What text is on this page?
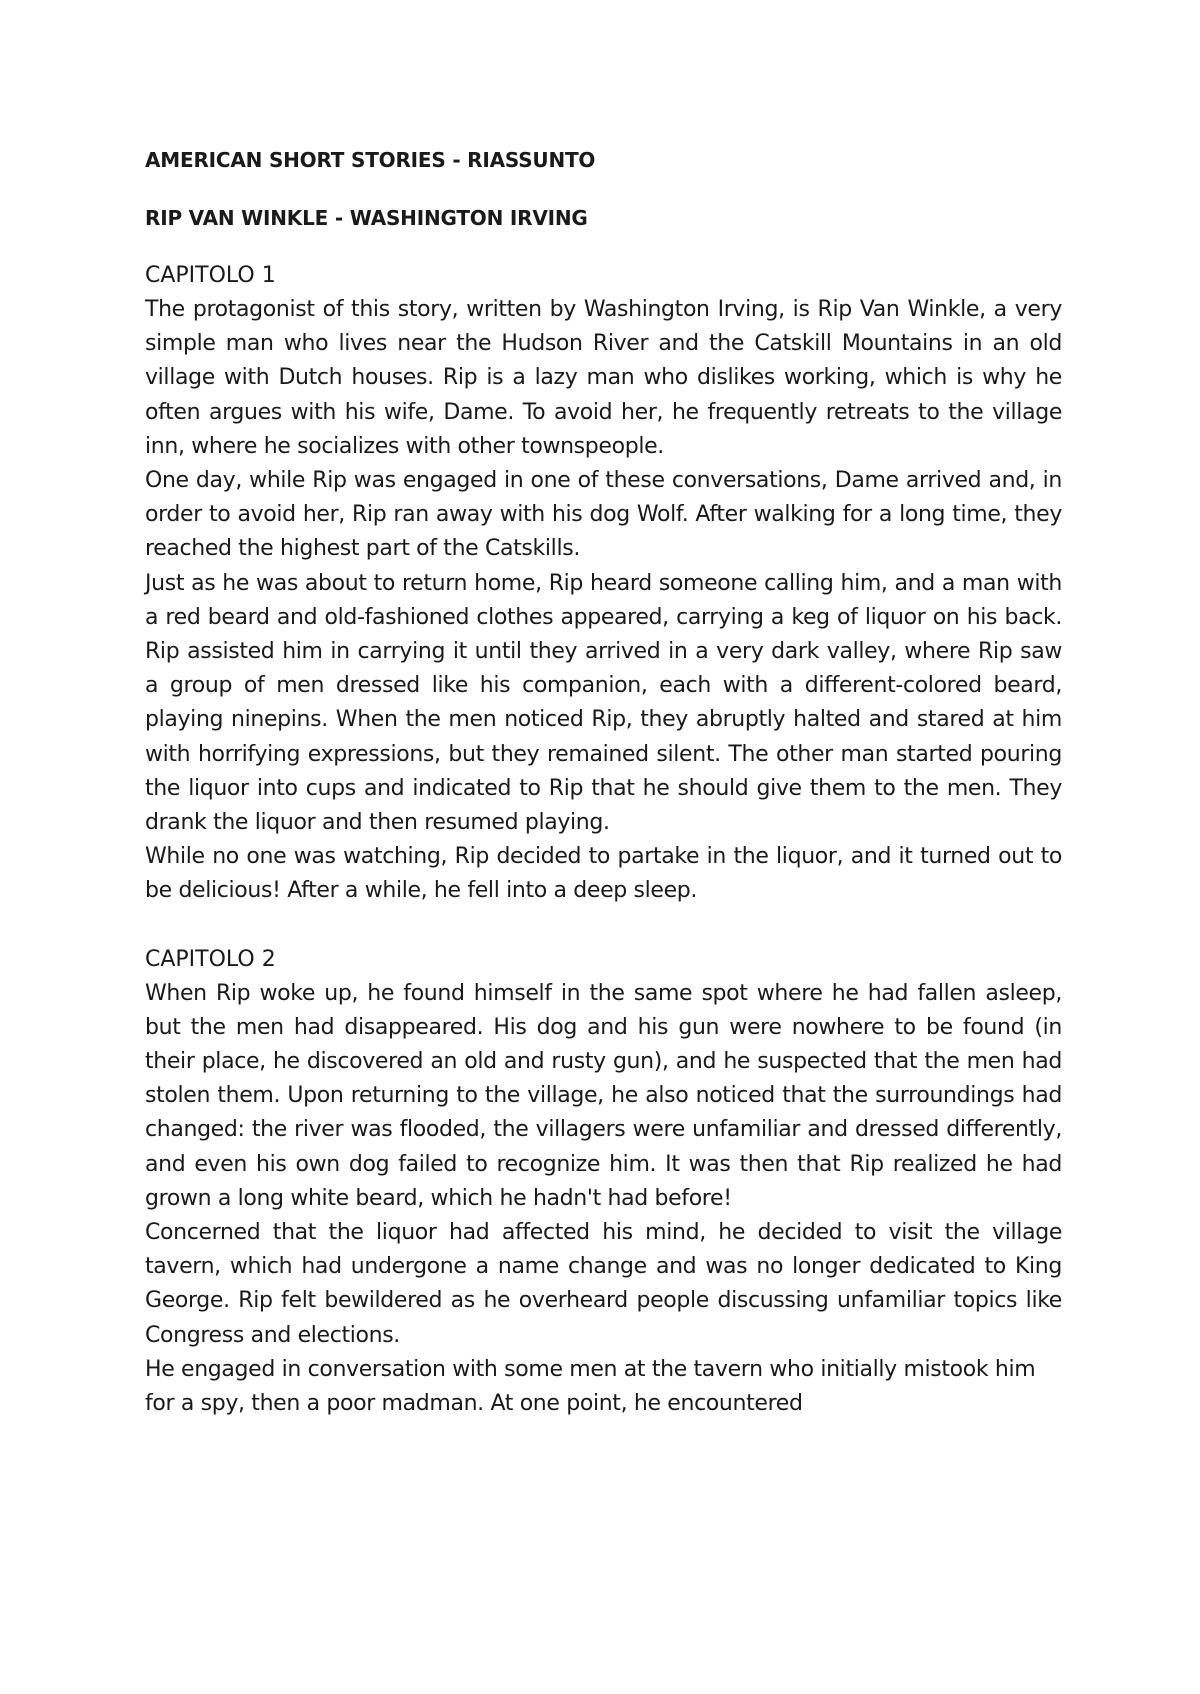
AMERICAN SHORT STORIES - RIASSUNTO

RIP VAN WINKLE - WASHINGTON IRVING

CAPITOLO 1

The protagonist of this story, written by Washington Irving, is Rip Van Winkle, a very simple man who lives near the Hudson River and the Catskill Mountains in an old village with Dutch houses. Rip is a lazy man who dislikes working, which is why he often argues with his wife, Dame. To avoid her, he frequently retreats to the village inn, where he socializes with other townspeople.

One day, while Rip was engaged in one of these conversations, Dame arrived and, in order to avoid her, Rip ran away with his dog Wolf. After walking for a long time, they reached the highest part of the Catskills.

Just as he was about to return home, Rip heard someone calling him, and a man with a red beard and old-fashioned clothes appeared, carrying a keg of liquor on his back. Rip assisted him in carrying it until they arrived in a very dark valley, where Rip saw a group of men dressed like his companion, each with a different-colored beard, playing ninepins. When the men noticed Rip, they abruptly halted and stared at him with horrifying expressions, but they remained silent. The other man started pouring the liquor into cups and indicated to Rip that he should give them to the men. They drank the liquor and then resumed playing.

While no one was watching, Rip decided to partake in the liquor, and it turned out to be delicious! After a while, he fell into a deep sleep.

CAPITOLO 2

When Rip woke up, he found himself in the same spot where he had fallen asleep, but the men had disappeared. His dog and his gun were nowhere to be found (in their place, he discovered an old and rusty gun), and he suspected that the men had stolen them. Upon returning to the village, he also noticed that the surroundings had changed: the river was flooded, the villagers were unfamiliar and dressed differently, and even his own dog failed to recognize him. It was then that Rip realized he had grown a long white beard, which he hadn't had before!

Concerned that the liquor had affected his mind, he decided to visit the village tavern, which had undergone a name change and was no longer dedicated to King George. Rip felt bewildered as he overheard people discussing unfamiliar topics like Congress and elections.

He engaged in conversation with some men at the tavern who initially mistook him for a spy, then a poor madman. At one point, he encountered
